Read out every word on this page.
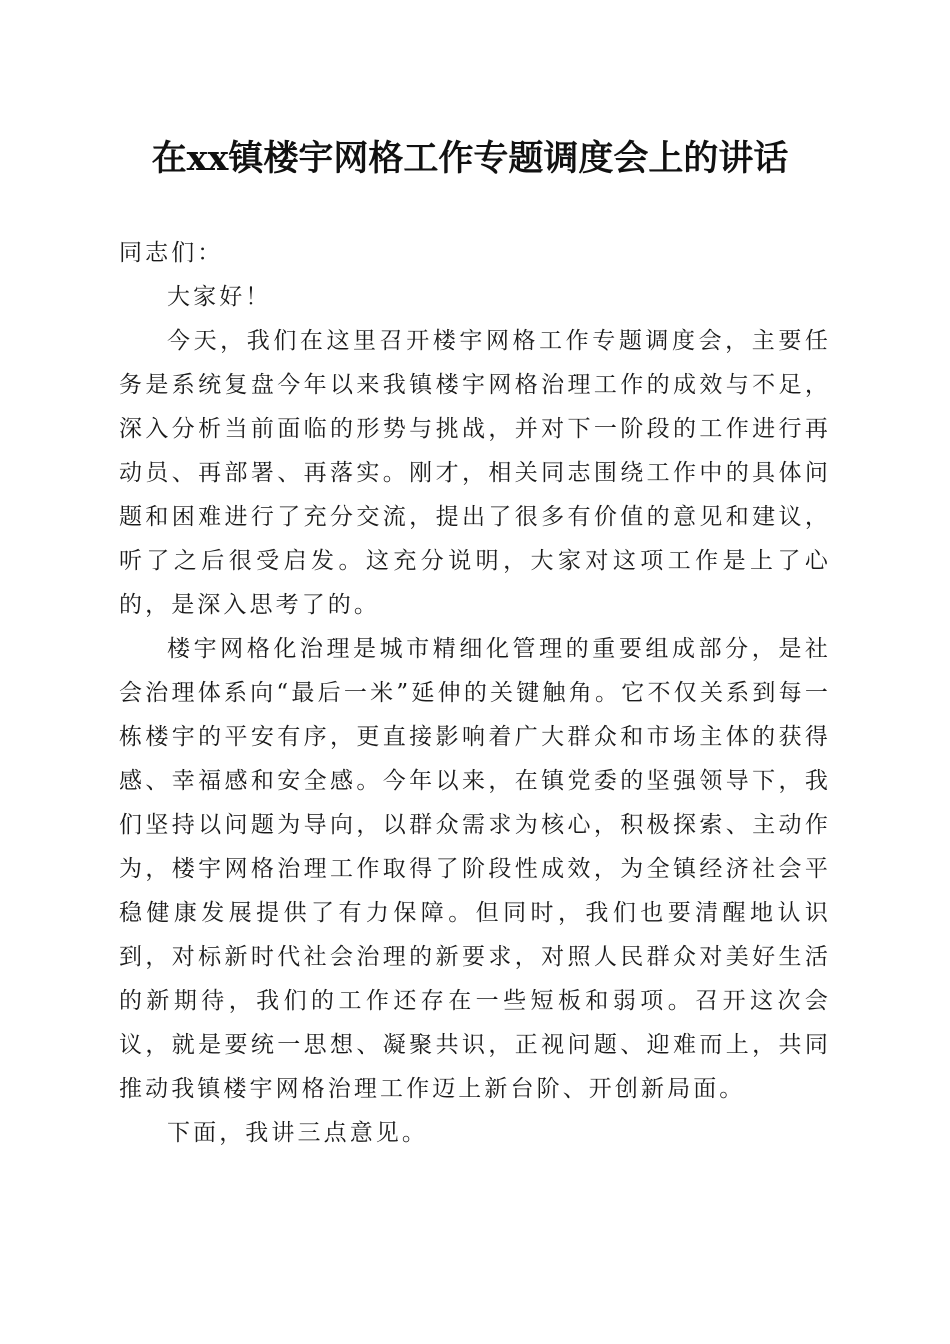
在xx镇楼宇网格工作专题调度会上的讲话

同志们：

大家好！

今天，我们在这里召开楼宇网格工作专题调度会，主要任务是系统复盘今年以来我镇楼宇网格治理工作的成效与不足，深入分析当前面临的形势与挑战，并对下一阶段的工作进行再动员、再部署、再落实。刚才，相关同志围绕工作中的具体问题和困难进行了充分交流，提出了很多有价值的意见和建议，听了之后很受启发。这充分说明，大家对这项工作是上了心的，是深入思考了的。

楼宇网格化治理是城市精细化管理的重要组成部分，是社会治理体系向“最后一米”延伸的关键触角。它不仅关系到每一栋楼宇的平安有序，更直接影响着广大群众和市场主体的获得感、幸福感和安全感。今年以来，在镇党委的坚强领导下，我们坚持以问题为导向，以群众需求为核心，积极探索、主动作为，楼宇网格治理工作取得了阶段性成效，为全镇经济社会平稳健康发展提供了有力保障。但同时，我们也要清醒地认识到，对标新时代社会治理的新要求，对照人民群众对美好生活的新期待，我们的工作还存在一些短板和弱项。召开这次会议，就是要统一思想、凝聚共识，正视问题、迎难而上，共同推动我镇楼宇网格治理工作迈上新台阶、开创新局面。

下面，我讲三点意见。
